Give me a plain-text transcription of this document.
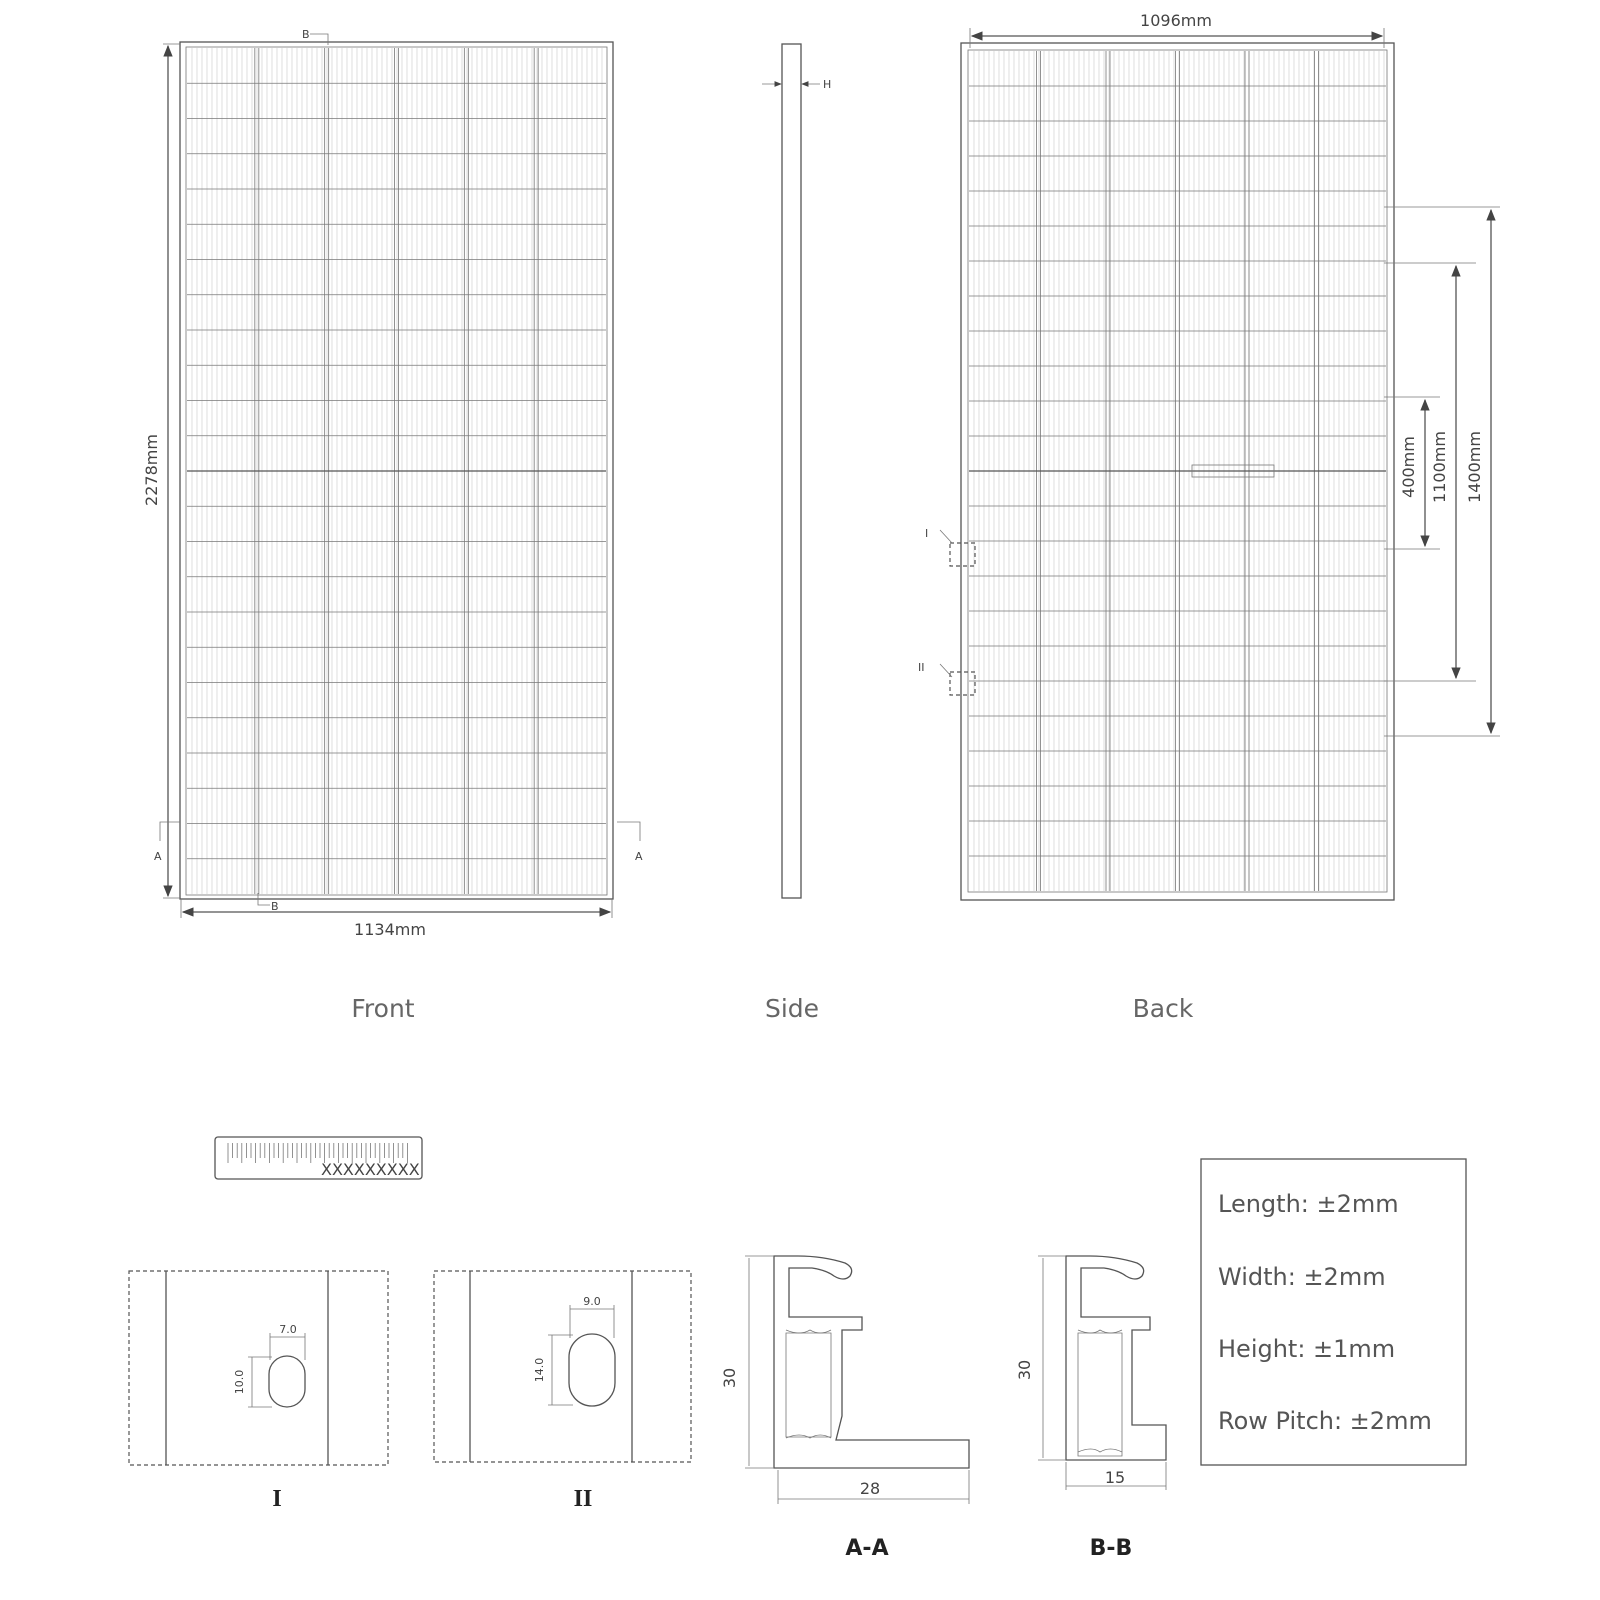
2278mm
1134mm
B
B
A	A
Front
H
Side
1096mm
400mm 1100mm 1400mm
I
II
Back
XXXXXXXXX
7.0
10.0
I
9.0
14.0
II
30
28
A-A
30
15
B-B
Length: ±2mm
Width: ±2mm
Height: ±1mm
Row Pitch: ±2mm
